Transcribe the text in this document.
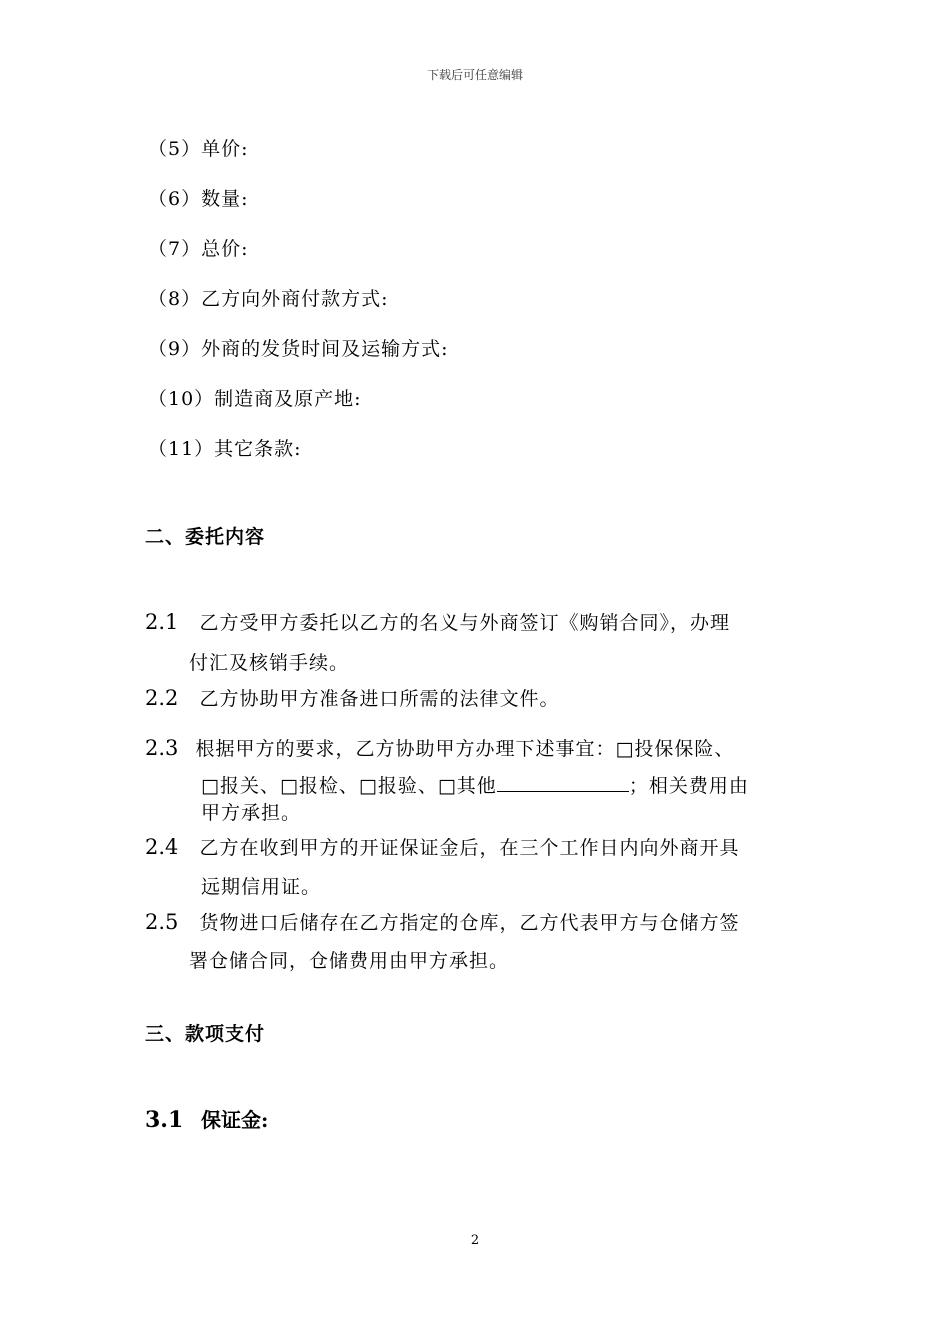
下载后可任意编辑
（5）单价:
（6）数量:
（7）总价:
（8）乙方向外商付款方式:
（9）外商的发货时间及运输方式:
（10）制造商及原产地:
（11）其它条款:
二、委托内容
2.1 乙方受甲方委托以乙方的名义与外商签订《购销合同》，办理
付汇及核销手续。
2.2 乙方协助甲方准备进口所需的法律文件。
2.3 根据甲方的要求，乙方协助甲方办理下述事宜：□投保保险、
□报关、□报检、□报验、□其他	；相关费用由
甲方承担。
2.4 乙方在收到甲方的开证保证金后，在三个工作日内向外商开具
远期信用证。
2.5 货物进口后储存在乙方指定的仓库，乙方代表甲方与仓储方签
署仓储合同，仓储费用由甲方承担。
三、款项支付
3.1 保证金:
2
